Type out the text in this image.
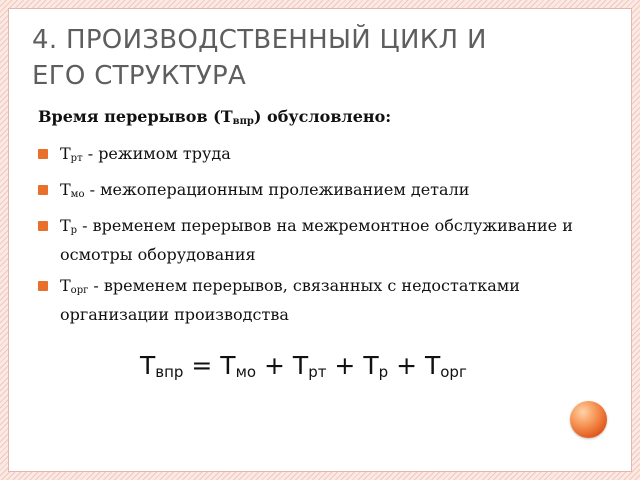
4. ПРОИЗВОДСТВЕННЫЙ ЦИКЛ И
ЕГО СТРУКТУРА
Время перерывов $(Т_{впр})$ обусловлено:
$Т_{рт}$ - режимом труда
$Т_{мо}$ - межоперационным пролеживанием детали
$Т_р$ - временем перерывов на межремонтное обслуживание и осмотры оборудования
$Т_{орг}$ - временем перерывов, связанных с недостатками организации производства
$Т_{впр} = Т_{мо} + Т_{рт} + Т_р + Т_{орг}$
